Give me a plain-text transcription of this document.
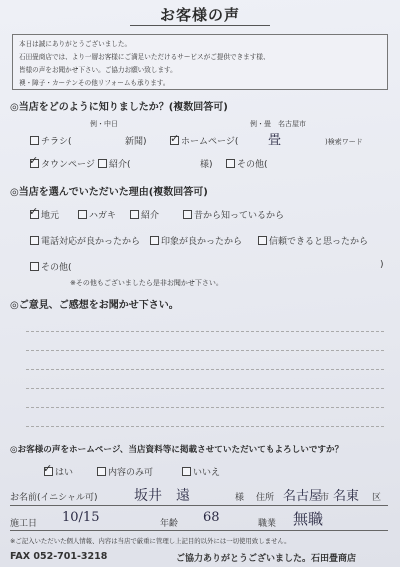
お客様の声
本日は誠にありがとうございました。
石田畳商店では、より一層お客様にご満足いただけるサービスがご提供できます様、
皆様の声をお聞かせ下さい。ご協力お願い致します。
襖・障子・カーテンその他リフォームも承ります。
◎当店をどのように知りましたか？(複数回答可)
例・中日	例・畳　名古屋市
チラシ(	新聞) ✓ ホームページ( 畳	)検索ワード
✓ タウンページ 紹介(	様)	その他(
◎当店を選んでいただいた理由(複数回答可)
✓ 地元	ハガキ	紹介	昔から知っているから
電話対応が良かったから 印象が良かったから	信頼できると思ったから
その他(	)
※その他もございましたら是非お聞かせ下さい。
◎ご意見、ご感想をお聞かせ下さい。
◎お客様の声をホームページ、当店資料等に掲載させていただいてもよろしいですか？
✓ はい	内容のみ可	いいえ
お名前(イニシャル可)	坂井　遠	様 住所 名古屋
市 名東 区
施工日 10/15	年齢 68	職業 無職
※ご記入いただいた個人情報、内容は当店で厳重に管理し上記目的以外には一切使用致しません。
FAX 052-701-3218	ご協力ありがとうございました。石田畳商店
